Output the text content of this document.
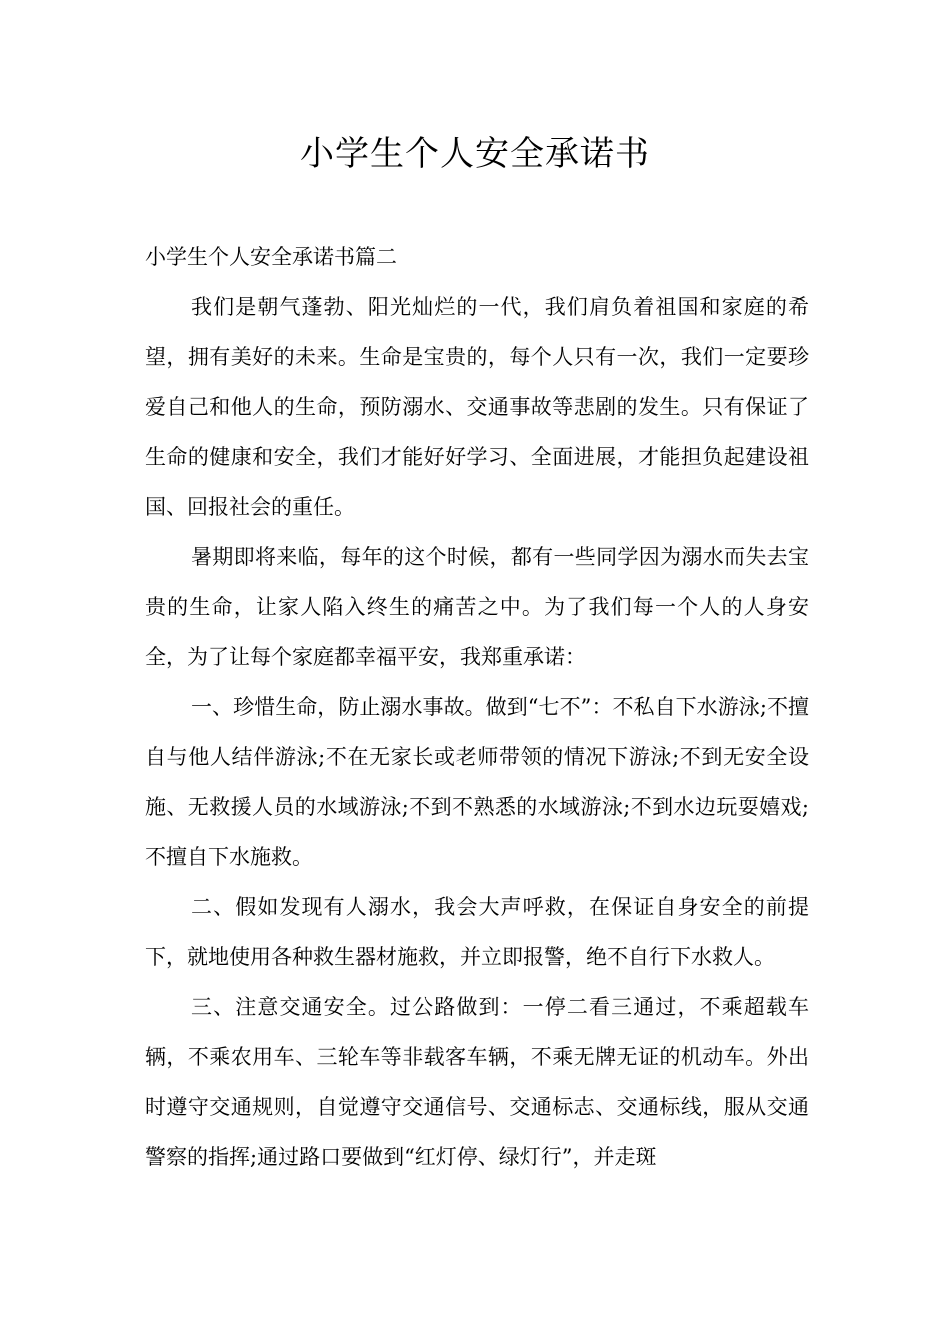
小学生个人安全承诺书

小学生个人安全承诺书篇二

我们是朝气蓬勃、阳光灿烂的一代，我们肩负着祖国和家庭的希望，拥有美好的未来。生命是宝贵的，每个人只有一次，我们一定要珍爱自己和他人的生命，预防溺水、交通事故等悲剧的发生。只有保证了生命的健康和安全，我们才能好好学习、全面进展，才能担负起建设祖国、回报社会的重任。

暑期即将来临，每年的这个时候，都有一些同学因为溺水而失去宝贵的生命，让家人陷入终生的痛苦之中。为了我们每一个人的人身安全，为了让每个家庭都幸福平安，我郑重承诺：

一、珍惜生命，防止溺水事故。做到“七不”：不私自下水游泳;不擅自与他人结伴游泳;不在无家长或老师带领的情况下游泳;不到无安全设施、无救援人员的水域游泳;不到不熟悉的水域游泳;不到水边玩耍嬉戏;不擅自下水施救。

二、假如发现有人溺水，我会大声呼救，在保证自身安全的前提下，就地使用各种救生器材施救，并立即报警，绝不自行下水救人。

三、注意交通安全。过公路做到：一停二看三通过，不乘超载车辆，不乘农用车、三轮车等非载客车辆，不乘无牌无证的机动车。外出时遵守交通规则，自觉遵守交通信号、交通标志、交通标线，服从交通警察的指挥;通过路口要做到“红灯停、绿灯行”，并走斑
